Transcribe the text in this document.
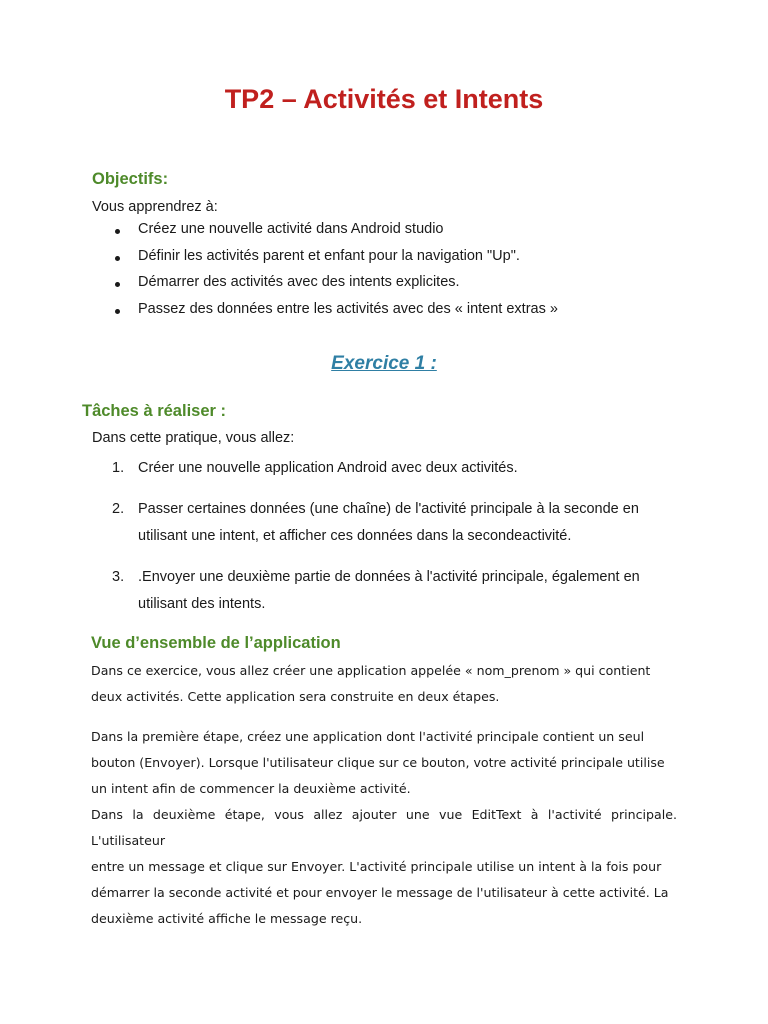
TP2 – Activités et Intents
Objectifs:

Vous apprendrez à:

Créez une nouvelle activité dans Android studio
Définir les activités parent et enfant pour la navigation "Up".
Démarrer des activités avec des intents explicites.
Passez des données entre les activités avec des « intent extras »
Exercice 1 :
Tâches à réaliser :

Dans cette pratique, vous allez:

1. Créer une nouvelle application Android avec deux activités.
2. Passer certaines données (une chaîne) de l'activité principale à la seconde en
utilisant une intent, et afficher ces données dans la secondeactivité.
3. .Envoyer une deuxième partie de données à l'activité principale, également en
utilisant des intents.
Vue d’ensemble de l’application

Dans ce exercice, vous allez créer une application appelée « nom_prenom » qui contient
deux activités. Cette application sera construite en deux étapes.

Dans la première étape, créez une application dont l'activité principale contient un seul
bouton (Envoyer). Lorsque l'utilisateur clique sur ce bouton, votre activité principale utilise
un intent afin de commencer la deuxième activité.

Dans la deuxième étape, vous allez ajouter une vue EditText à l'activité principale. L'utilisateur
entre un message et clique sur Envoyer. L'activité principale utilise un intent à la fois pour
démarrer la seconde activité et pour envoyer le message de l'utilisateur à cette activité. La
deuxième activité affiche le message reçu.
